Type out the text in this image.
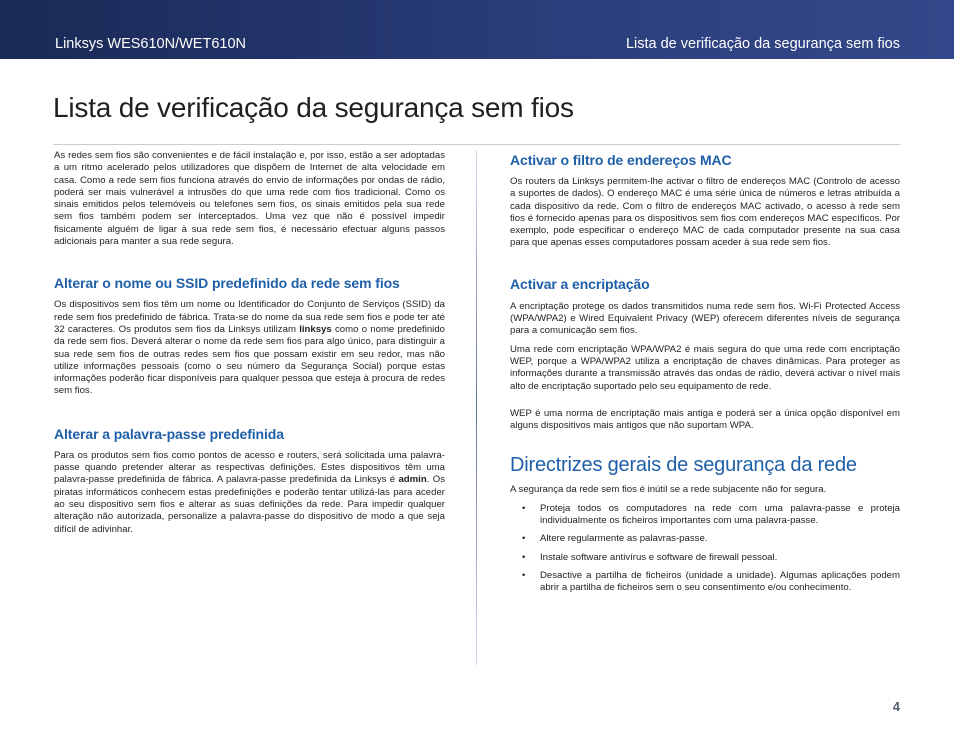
Linksys WES610N/WET610N	Lista de verificação da segurança sem fios
Lista de verificação da segurança sem fios

As redes sem fios são convenientes e de fácil instalação e, por isso, estão a ser adoptadas a um ritmo acelerado pelos utilizadores que dispõem de Internet de alta velocidade em casa. Como a rede sem fios funciona através do envio de informações por ondas de rádio, poderá ser mais vulnerável a intrusões do que uma rede com fios tradicional. Como os sinais emitidos pelos telemóveis ou telefones sem fios, os sinais emitidos pela sua rede sem fios também podem ser interceptados. Uma vez que não é possível impedir fisicamente alguém de ligar à sua rede sem fios, é necessário efectuar alguns passos adicionais para manter a sua rede segura.

Alterar o nome ou SSID predefinido da rede sem fios

Os dispositivos sem fios têm um nome ou Identificador do Conjunto de Serviços (SSID) da rede sem fios predefinido de fábrica. Trata-se do nome da sua rede sem fios e pode ter até 32 caracteres. Os produtos sem fios da Linksys utilizam linksys como o nome predefinido da rede sem fios. Deverá alterar o nome da rede sem fios para algo único, para distinguir a sua rede sem fios de outras redes sem fios que possam existir em seu redor, mas não utilize informações pessoais (como o seu número da Segurança Social) porque estas informações poderão ficar disponíveis para qualquer pessoa que esteja à procura de redes sem fios.

Alterar a palavra-passe predefinida

Para os produtos sem fios como pontos de acesso e routers, será solicitada uma palavra-passe quando pretender alterar as respectivas definições. Estes dispositivos têm uma palavra-passe predefinida de fábrica. A palavra-passe predefinida da Linksys é admin. Os piratas informáticos conhecem estas predefinições e poderão tentar utilizá-las para aceder ao seu dispositivo sem fios e alterar as suas definições da rede. Para impedir qualquer alteração não autorizada, personalize a palavra-passe do dispositivo de modo a que seja difícil de adivinhar.

Activar o filtro de endereços MAC

Os routers da Linksys permitem-lhe activar o filtro de endereços MAC (Controlo de acesso a suportes de dados). O endereço MAC é uma série única de números e letras atribuída a cada dispositivo da rede. Com o filtro de endereços MAC activado, o acesso à rede sem fios é fornecido apenas para os dispositivos sem fios com endereços MAC específicos. Por exemplo, pode especificar o endereço MAC de cada computador presente na sua casa para que apenas esses computadores possam aceder à sua rede sem fios.

Activar a encriptação

A encriptação protege os dados transmitidos numa rede sem fios. Wi-Fi Protected Access (WPA/WPA2) e Wired Equivalent Privacy (WEP) oferecem diferentes níveis de segurança para a comunicação sem fios.

Uma rede com encriptação WPA/WPA2 é mais segura do que uma rede com encriptação WEP, porque a WPA/WPA2 utiliza a encriptação de chaves dinâmicas. Para proteger as informações durante a transmissão através das ondas de rádio, deverá activar o nível mais alto de encriptação suportado pelo seu equipamento de rede.

WEP é uma norma de encriptação mais antiga e poderá ser a única opção disponível em alguns dispositivos mais antigos que não suportam WPA.

Directrizes gerais de segurança da rede

A segurança da rede sem fios é inútil se a rede subjacente não for segura.

• Proteja todos os computadores na rede com uma palavra-passe e proteja individualmente os ficheiros importantes com uma palavra-passe.
• Altere regularmente as palavras-passe.
• Instale software antivírus e software de firewall pessoal.
• Desactive a partilha de ficheiros (unidade a unidade). Algumas aplicações podem abrir a partilha de ficheiros sem o seu consentimento e/ou conhecimento.
4
